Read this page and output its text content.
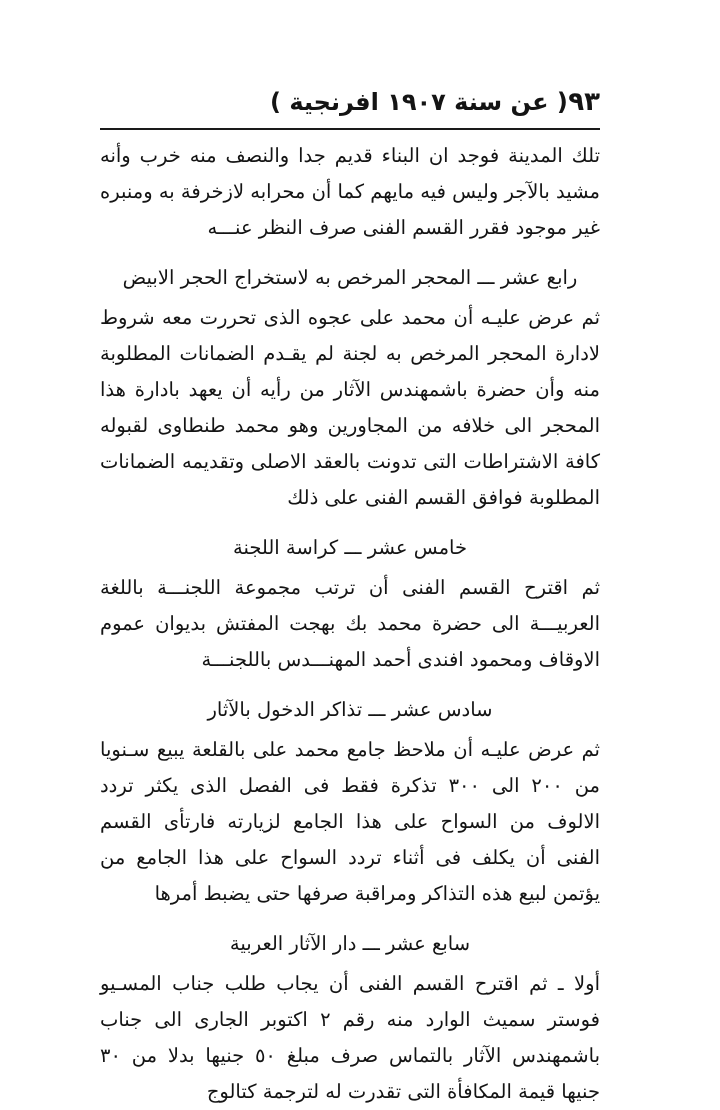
٩٣
( عن سنة ١٩٠٧ افرنجية )

تلك المدينة فوجد ان البناء قديم جدا والنصف منه خرب وأنه مشيد بالآجر وليس فيه مايهم كما أن محرابه لازخرفة به ومنبره غير موجود فقرر القسم الفنى صرف النظر عنـــه

رابع عشر ـــ المحجر المرخص به لاستخراج الحجر الابيض

ثم عرض عليـه أن محمد على عجوه الذى تحررت معه شروط لادارة المحجر المرخص به لجنة لم يقـدم الضمانات المطلوبة منه وأن حضرة باشمهندس الآثار من رأيه أن يعهد بادارة هذا المحجر الى خلافه من المجاورين وهو محمد طنطاوى لقبوله كافة الاشتراطات التى تدونت بالعقد الاصلى وتقديمه الضمانات المطلوبة فوافق القسم الفنى على ذلك

خامس عشر ـــ كراسة اللجنة

ثم اقترح القسم الفنى أن ترتب مجموعة اللجنـــة باللغة العربيـــة الى حضرة محمد بك بهجت المفتش بديوان عموم الاوقاف ومحمود افندى أحمد المهنـــدس باللجنـــة

سادس عشر ـــ تذاكر الدخول بالآثار

ثم عرض عليـه أن ملاحظ جامع محمد على بالقلعة يبيع سـنويا من ٢٠٠ الى ٣٠٠ تذكرة فقط فى الفصل الذى يكثر تردد الالوف من السواح على هذا الجامع لزيارته فارتأى القسم الفنى أن يكلف فى أثناء تردد السواح على هذا الجامع من يؤتمن لبيع هذه التذاكر ومراقبة صرفها حتى يضبط أمرها

سابع عشر ـــ دار الآثار العربية

أولا ـ ثم اقترح القسم الفنى أن يجاب طلب جناب المسـيو فوستر سميث الوارد منه رقم ٢ اكتوبر الجارى الى جناب باشمهندس الآثار بالتماس صرف مبلغ ٥٠ جنيها بدلا من ٣٠ جنيها قيمة المكافأة التى تقدرت له لترجمة كتالوج
